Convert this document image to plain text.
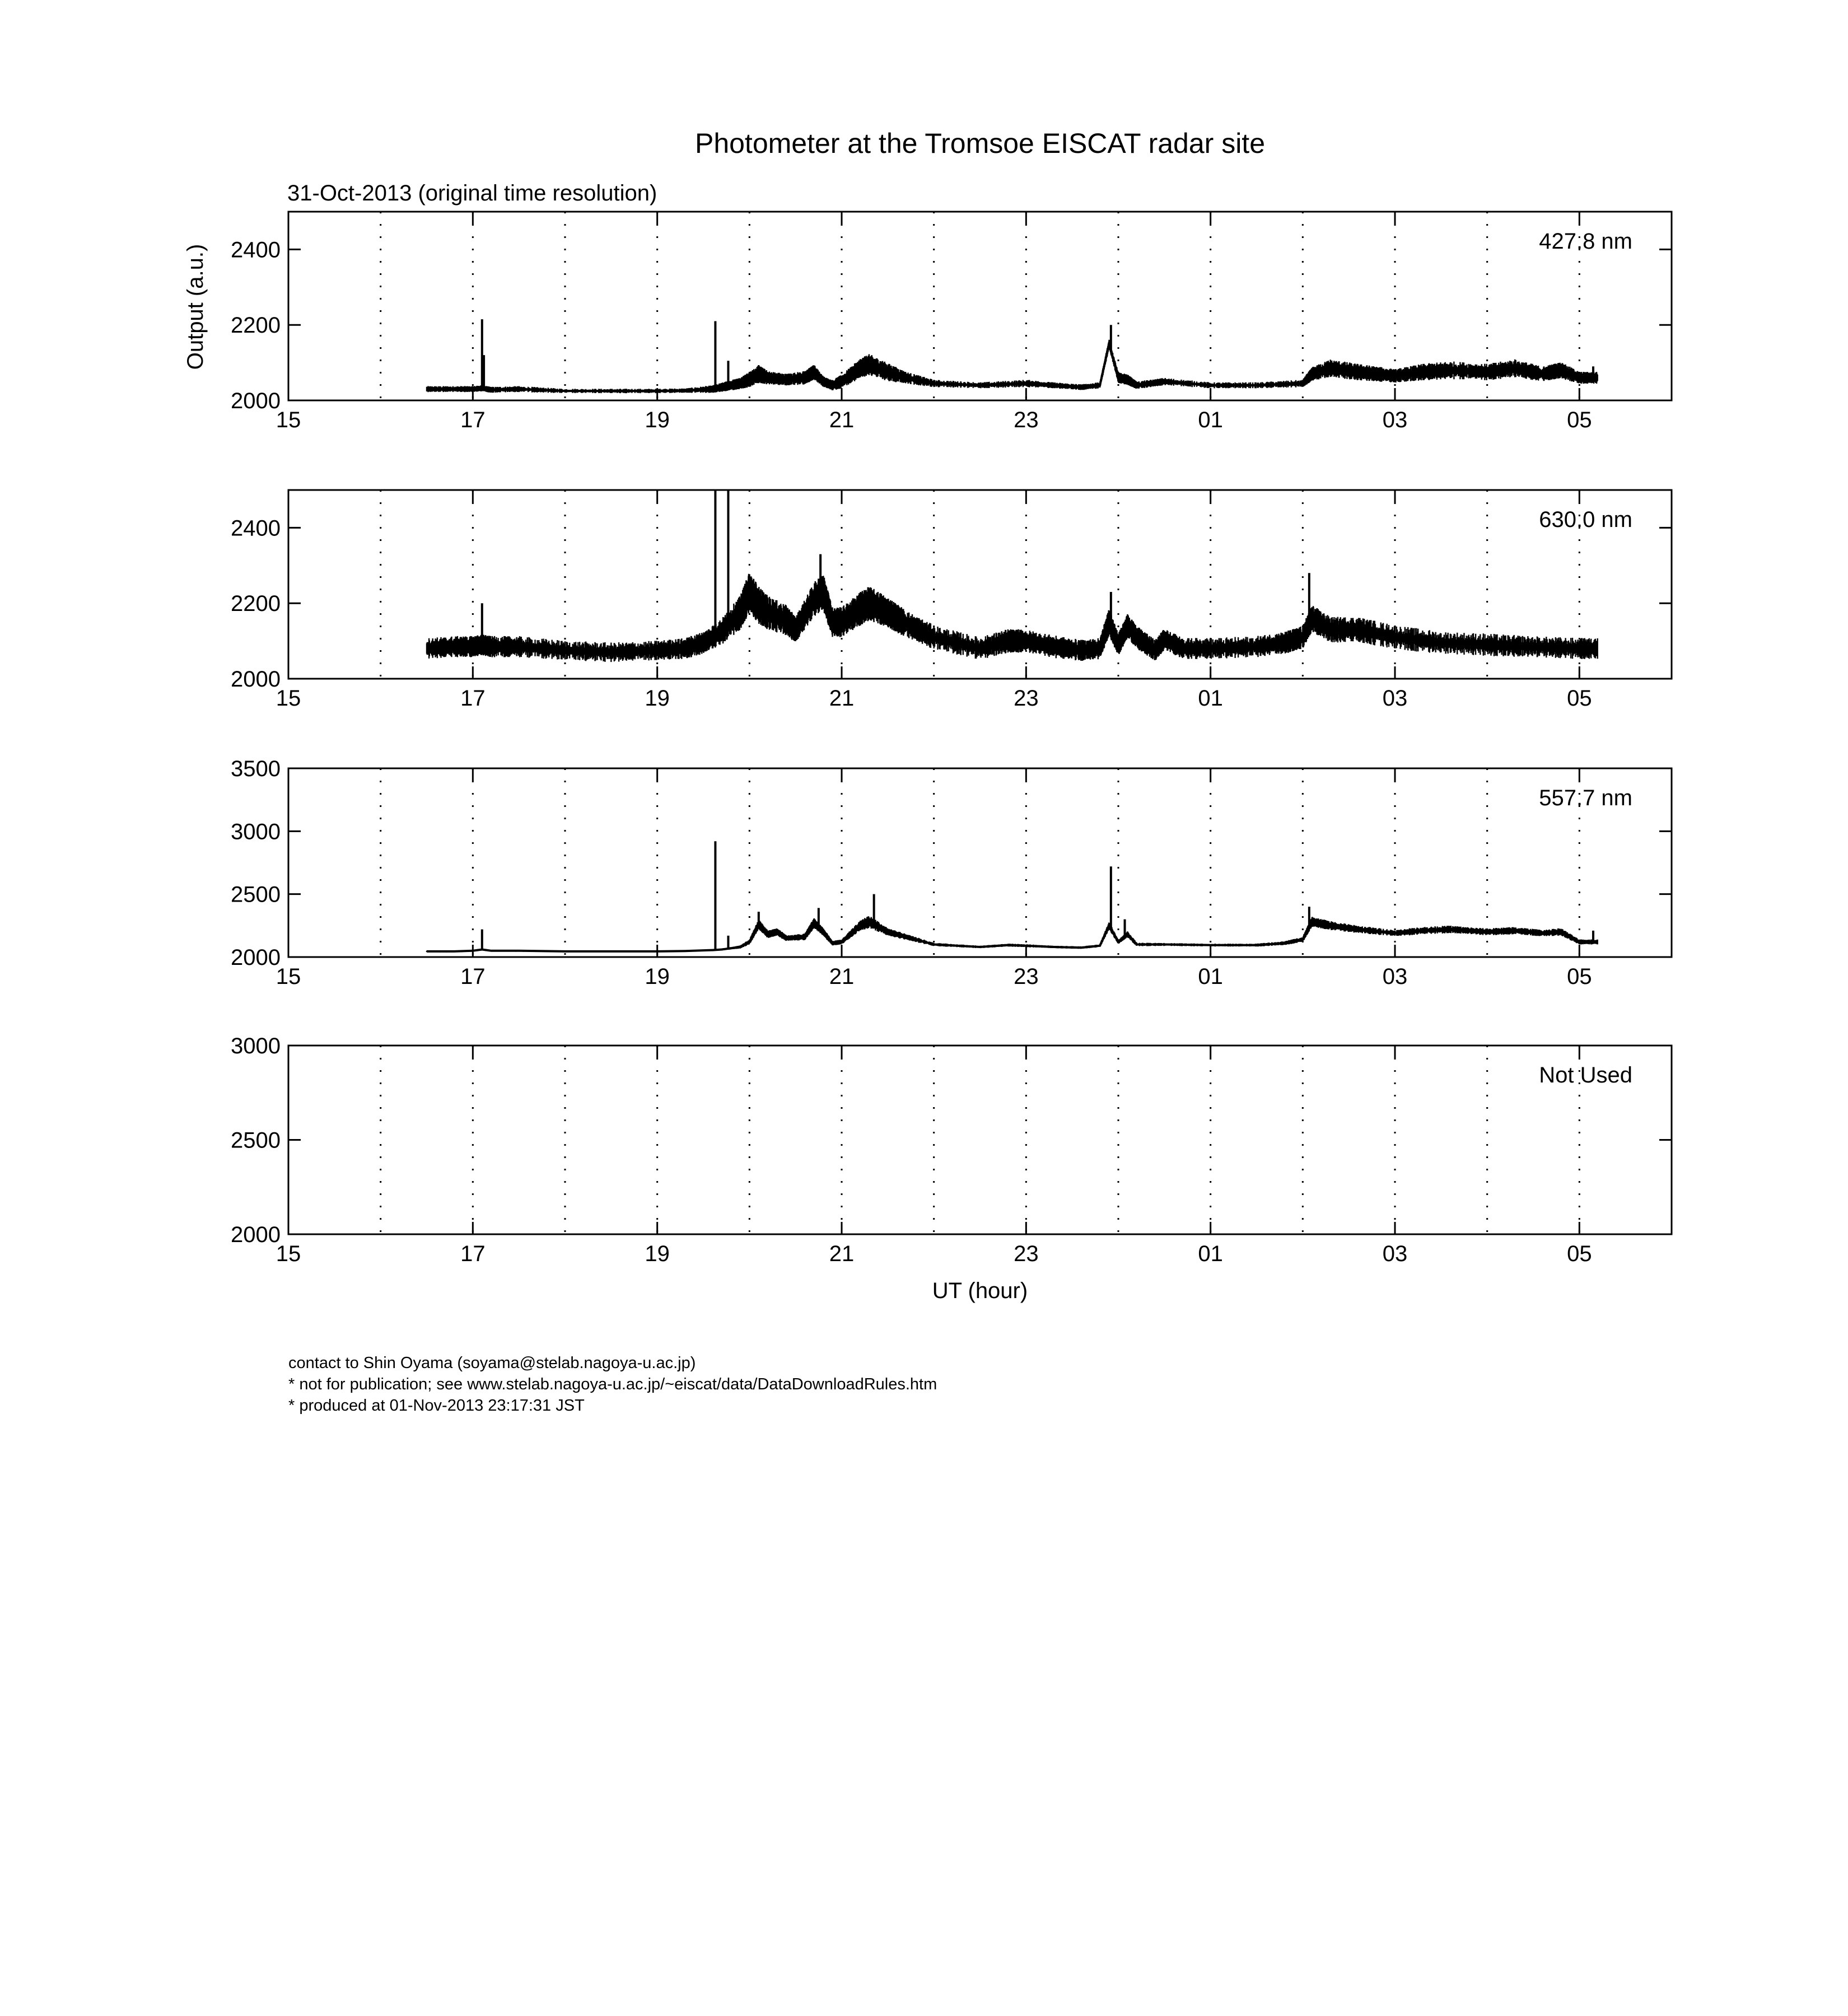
Photometer at the Tromsoe EISCAT radar site
31-Oct-2013 (original time resolution)
Output (a.u.)
UT (hour)
2000
2200
2400
15	17	19	21	23	01	03	05
427.8 nm
2000
2200
2400
15	17	19	21	23	01	03	05
630.0 nm
2000
2500
3000
3500
15	17	19	21	23	01	03	05
557.7 nm
2000
2500
3000
15	17	19	21	23	01	03	05
Not Used
contact to Shin Oyama (soyama@stelab.nagoya-u.ac.jp)
* not for publication; see www.stelab.nagoya-u.ac.jp/~eiscat/data/DataDownloadRules.htm
* produced at 01-Nov-2013 23:17:31 JST
